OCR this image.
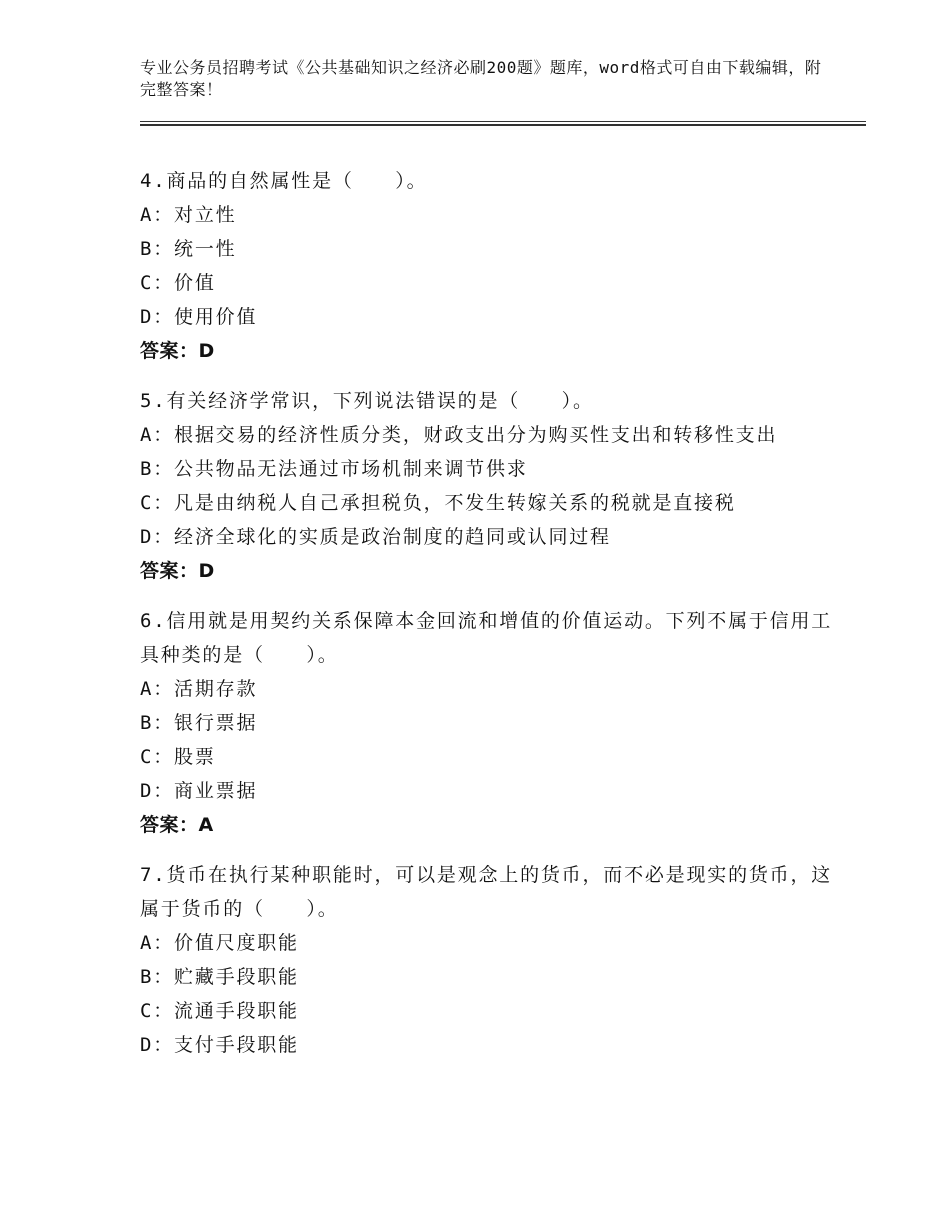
专业公务员招聘考试《公共基础知识之经济必刷200题》题库，word格式可自由下载编辑，附完整答案！

4.商品的自然属性是（　　）。

A：对立性

B：统一性

C：价值

D：使用价值

答案：D

5.有关经济学常识，下列说法错误的是（　　）。

A：根据交易的经济性质分类，财政支出分为购买性支出和转移性支出

B：公共物品无法通过市场机制来调节供求

C：凡是由纳税人自己承担税负，不发生转嫁关系的税就是直接税

D：经济全球化的实质是政治制度的趋同或认同过程

答案：D

6.信用就是用契约关系保障本金回流和增值的价值运动。下列不属于信用工具种类的是（　　）。

A：活期存款

B：银行票据

C：股票

D：商业票据

答案：A

7.货币在执行某种职能时，可以是观念上的货币，而不必是现实的货币，这属于货币的（　　）。

A：价值尺度职能

B：贮藏手段职能

C：流通手段职能

D：支付手段职能
